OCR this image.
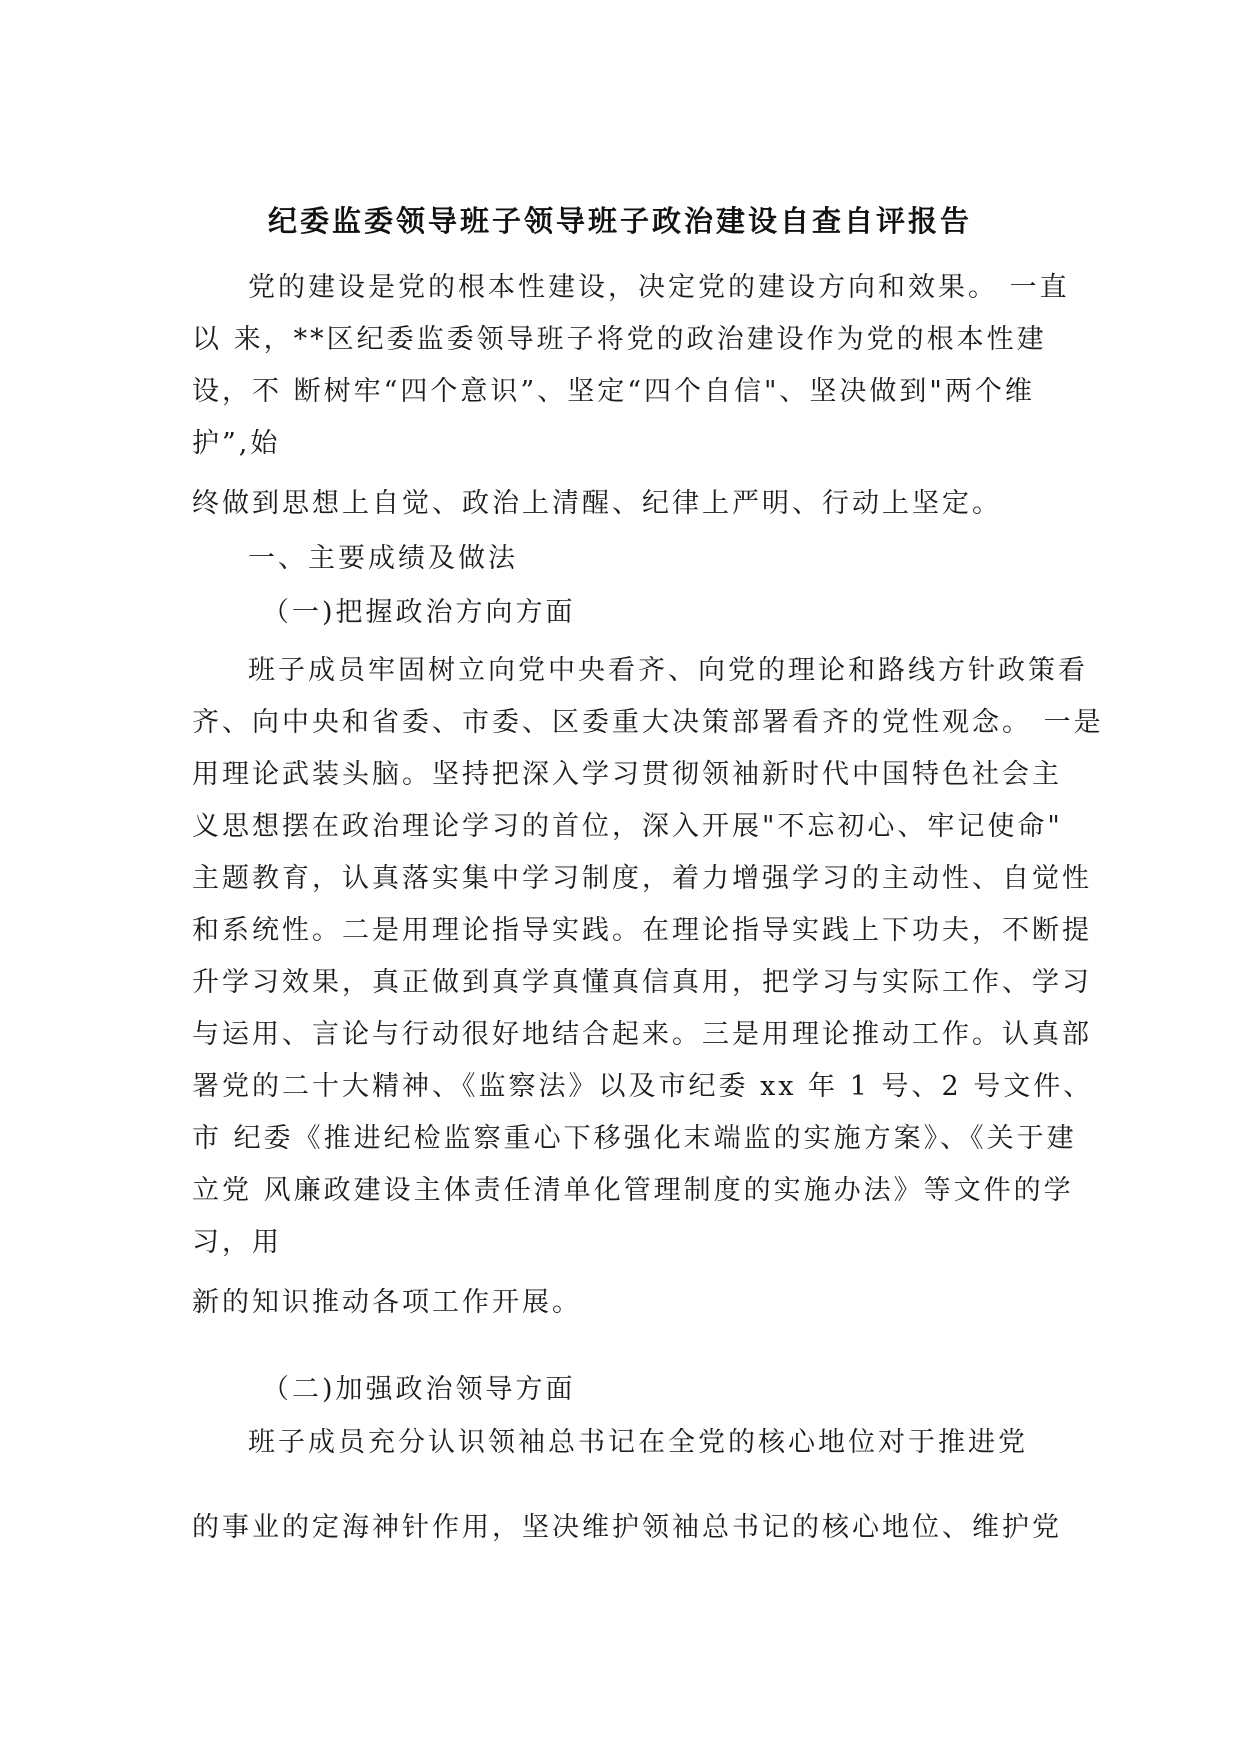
纪委监委领导班子领导班子政治建设自查自评报告

党的建设是党的根本性建设，决定党的建设方向和效果。 一直

以 来，**区纪委监委领导班子将党的政治建设作为党的根本性建

设，不 断树牢“四个意识”、坚定“四个自信"、坚决做到"两个维

护”,始

终做到思想上自觉、政治上清醒、纪律上严明、行动上坚定。

一、主要成绩及做法

（一)把握政治方向方面

班子成员牢固树立向党中央看齐、向党的理论和路线方针政策看

齐、向中央和省委、市委、区委重大决策部署看齐的党性观念。 一是

用理论武装头脑。坚持把深入学习贯彻领袖新时代中国特色社会主

义思想摆在政治理论学习的首位，深入开展"不忘初心、牢记使命"

主题教育，认真落实集中学习制度，着力增强学习的主动性、自觉性

和系统性。二是用理论指导实践。在理论指导实践上下功夫，不断提

升学习效果，真正做到真学真懂真信真用，把学习与实际工作、学习

与运用、言论与行动很好地结合起来。三是用理论推动工作。认真部

署党的二十大精神、《监察法》以及市纪委 xx 年 1 号、2 号文件、

市 纪委《推进纪检监察重心下移强化末端监的实施方案》、《关于建

立党 风廉政建设主体责任清单化管理制度的实施办法》等文件的学

习，用

新的知识推动各项工作开展。

（二)加强政治领导方面

班子成员充分认识领袖总书记在全党的核心地位对于推进党

的事业的定海神针作用，坚决维护领袖总书记的核心地位、维护党
